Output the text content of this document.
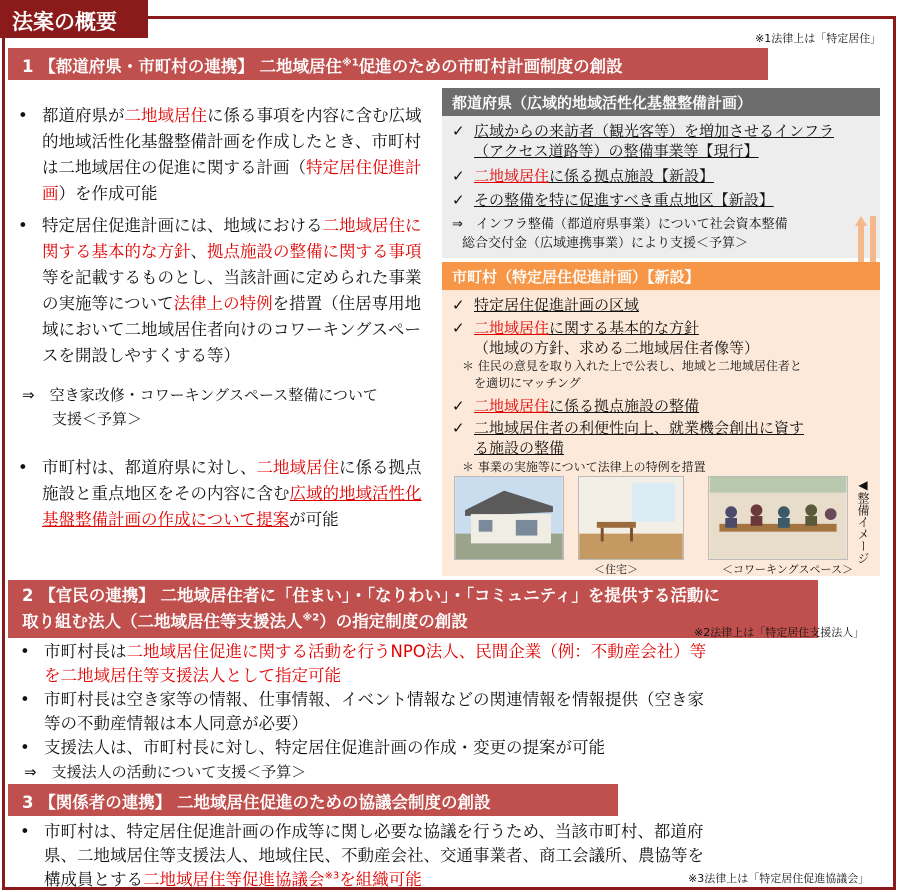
法案の概要
※1法律上は「特定居住」
1 【都道府県・市町村の連携】 二地域居住$^{※1}$促進のための市町村計画制度の創設
• 都道府県が二地域居住に係る事項を内容に含む広域的地域活性化基盤整備計画を作成したとき、市町村は二地域居住の促進に関する計画（特定居住促進計画）を作成可能
• 特定居住促進計画には、地域における二地域居住に関する基本的な方針、拠点施設の整備に関する事項等を記載するものとし、当該計画に定められた事業の実施等について法律上の特例を措置（住居専用地域において二地域居住者向けのコワーキングスペースを開設しやすくする等）
⇒　空き家改修・コワーキングスペース整備について
支援＜予算＞
• 市町村は、都道府県に対し、二地域居住に係る拠点施設と重点地区をその内容に含む広域的地域活性化基盤整備計画の作成について提案が可能
都道府県（広域的地域活性化基盤整備計画）
✓ 広域からの来訪者（観光客等）を増加させるインフラ
（アクセス道路等）の整備事業等【現行】
✓ 二地域居住に係る拠点施設【新設】
✓ その整備を特に促進すべき重点地区【新設】
⇒　インフラ整備（都道府県事業）について社会資本整備
総合交付金（広域連携事業）により支援＜予算＞
市町村（特定居住促進計画）【新設】
✓ 特定居住促進計画の区域
✓ 二地域居住に関する基本的な方針
（地域の方針、求める二地域居住者像等）
＊ 住民の意見を取り入れた上で公表し、地域と二地域居住者と
を適切にマッチング
✓ 二地域居住に係る拠点施設の整備
✓ 二地域居住者の利便性向上、就業機会創出に資す
る施設の整備
＊ 事業の実施等について法律上の特例を措置
＜住宅＞	＜コワーキングスペース＞
◀整備イメージ
2 【官民の連携】 二地域居住者に「住まい」・「なりわい」・「コミュニティ」を提供する活動に
取り組む法人（二地域居住等支援法人$^{※2}$）の指定制度の創設
※2法律上は「特定居住支援法人」
• 市町村長は二地域居住促進に関する活動を行うNPO法人、民間企業（例：不動産会社）等
を二地域居住等支援法人として指定可能
• 市町村長は空き家等の情報、仕事情報、イベント情報などの関連情報を情報提供（空き家
等の不動産情報は本人同意が必要）
• 支援法人は、市町村長に対し、特定居住促進計画の作成・変更の提案が可能
⇒　支援法人の活動について支援＜予算＞
3 【関係者の連携】 二地域居住促進のための協議会制度の創設
• 市町村は、特定居住促進計画の作成等に関し必要な協議を行うため、当該市町村、都道府
県、二地域居住等支援法人、地域住民、不動産会社、交通事業者、商工会議所、農協等を
構成員とする二地域居住等促進協議会$^{※3}$を組織可能	※3法律上は「特定居住促進協議会」
